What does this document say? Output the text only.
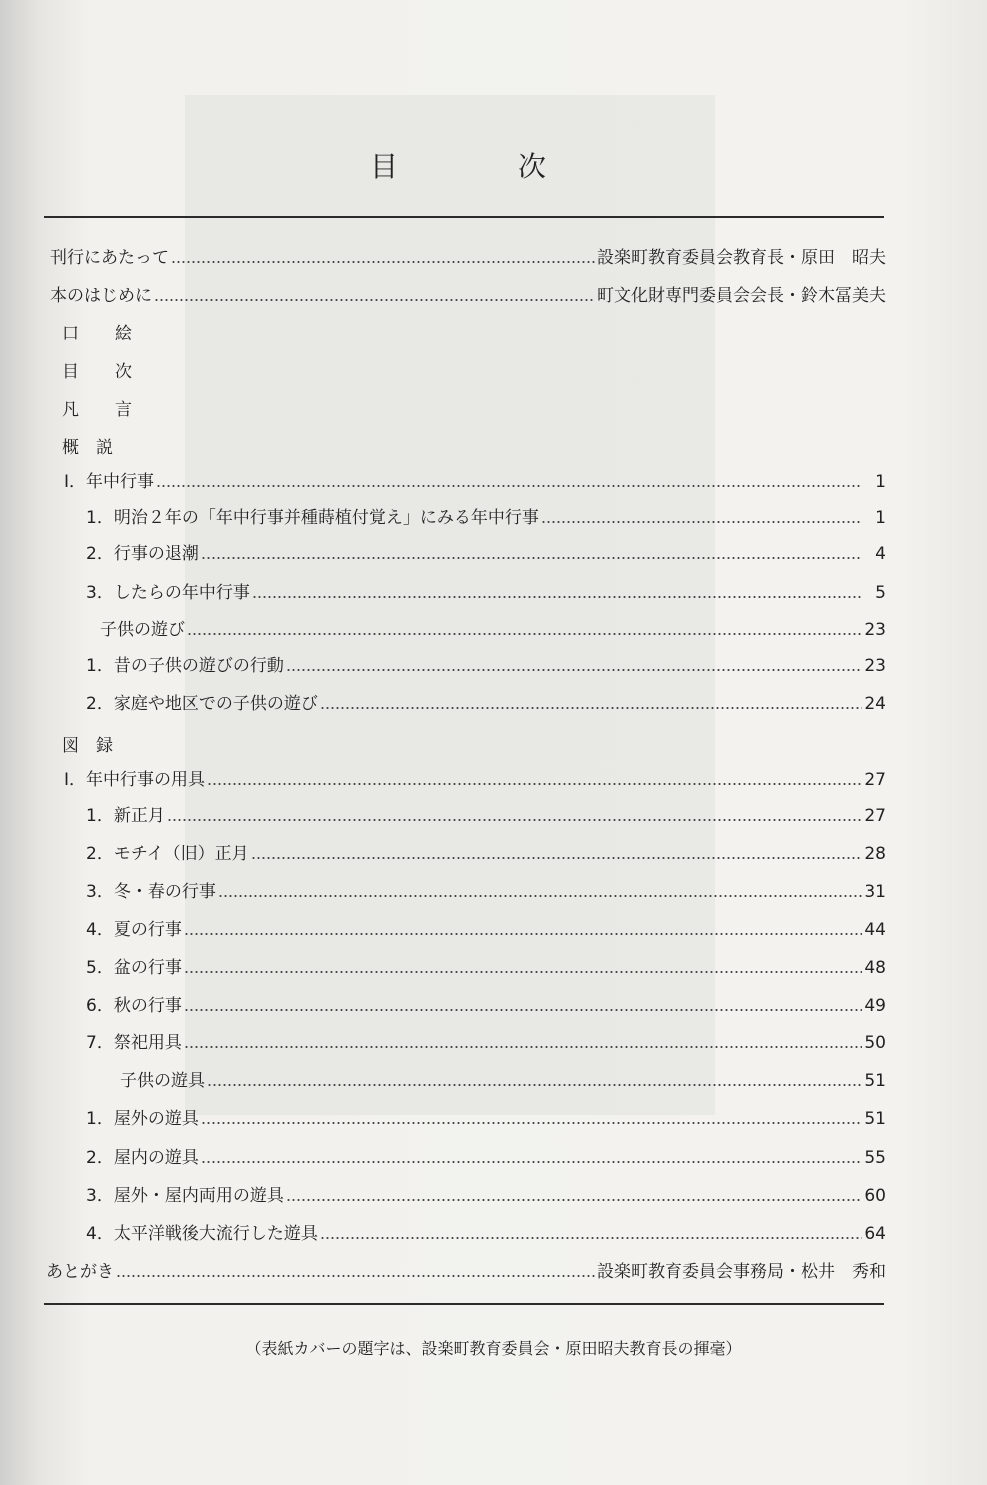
目	次
刊行にあたって	設楽町教育委員会教育長・原田　昭夫
本のはじめに	町文化財専門委員会会長・鈴木冨美夫
口 絵
目 次
凡 言
概　説
I．年中行事	1
1．明治２年の「年中行事并種蒔植付覚え」にみる年中行事	1
2．行事の退潮	4
3．したらの年中行事	5
子供の遊び	23
1．昔の子供の遊びの行動	23
2．家庭や地区での子供の遊び	24
図　録
I．年中行事の用具	27
1．新正月	27
2．モチイ（旧）正月	28
3．冬・春の行事	31
4．夏の行事	44
5．盆の行事	48
6．秋の行事	49
7．祭祀用具	50
子供の遊具	51
1．屋外の遊具	51
2．屋内の遊具	55
3．屋外・屋内両用の遊具	60
4．太平洋戦後大流行した遊具	64
あとがき	設楽町教育委員会事務局・松井　秀和
（表紙カバーの題字は、設楽町教育委員会・原田昭夫教育長の揮毫）
